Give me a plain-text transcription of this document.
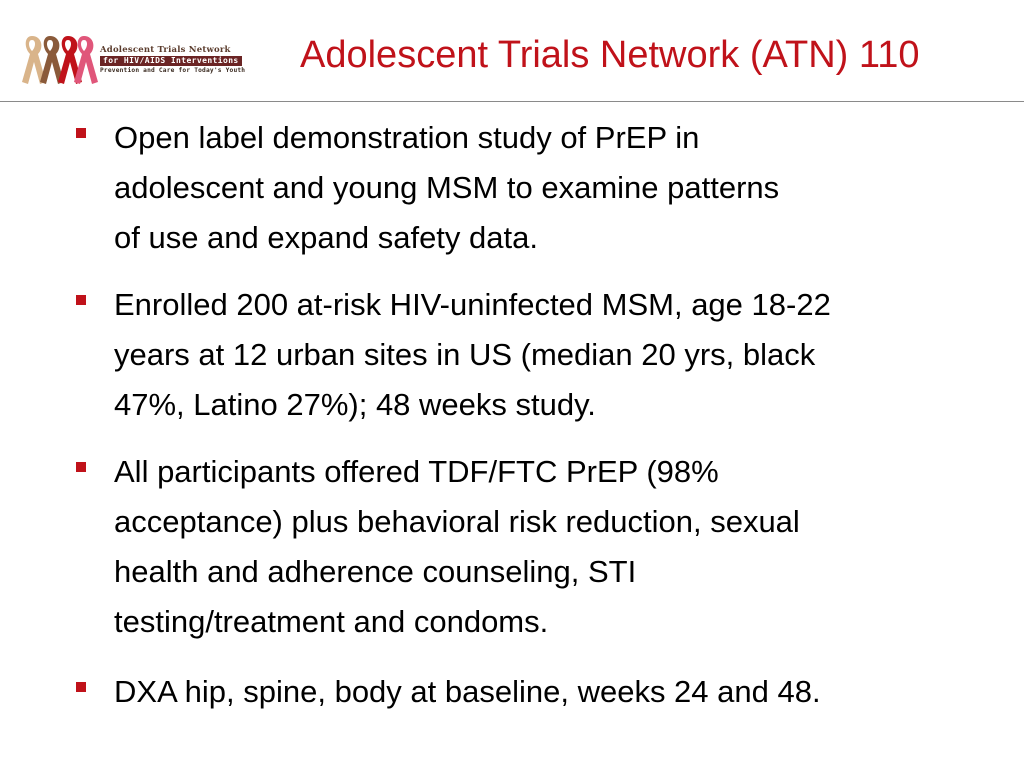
Adolescent Trials Network
for HIV/AIDS Interventions
Prevention and Care for Today's Youth Adolescent Trials Network (ATN) 110
Open label demonstration study of PrEP in
adolescent and young MSM to examine patterns
of use and expand safety data.
Enrolled 200 at-risk HIV-uninfected MSM, age 18-22
years at 12 urban sites in US (median 20 yrs, black
47%, Latino 27%); 48 weeks study.
All participants offered TDF/FTC PrEP (98%
acceptance) plus behavioral risk reduction, sexual
health and adherence counseling, STI
testing/treatment and condoms.
DXA hip, spine, body at baseline, weeks 24 and 48.
